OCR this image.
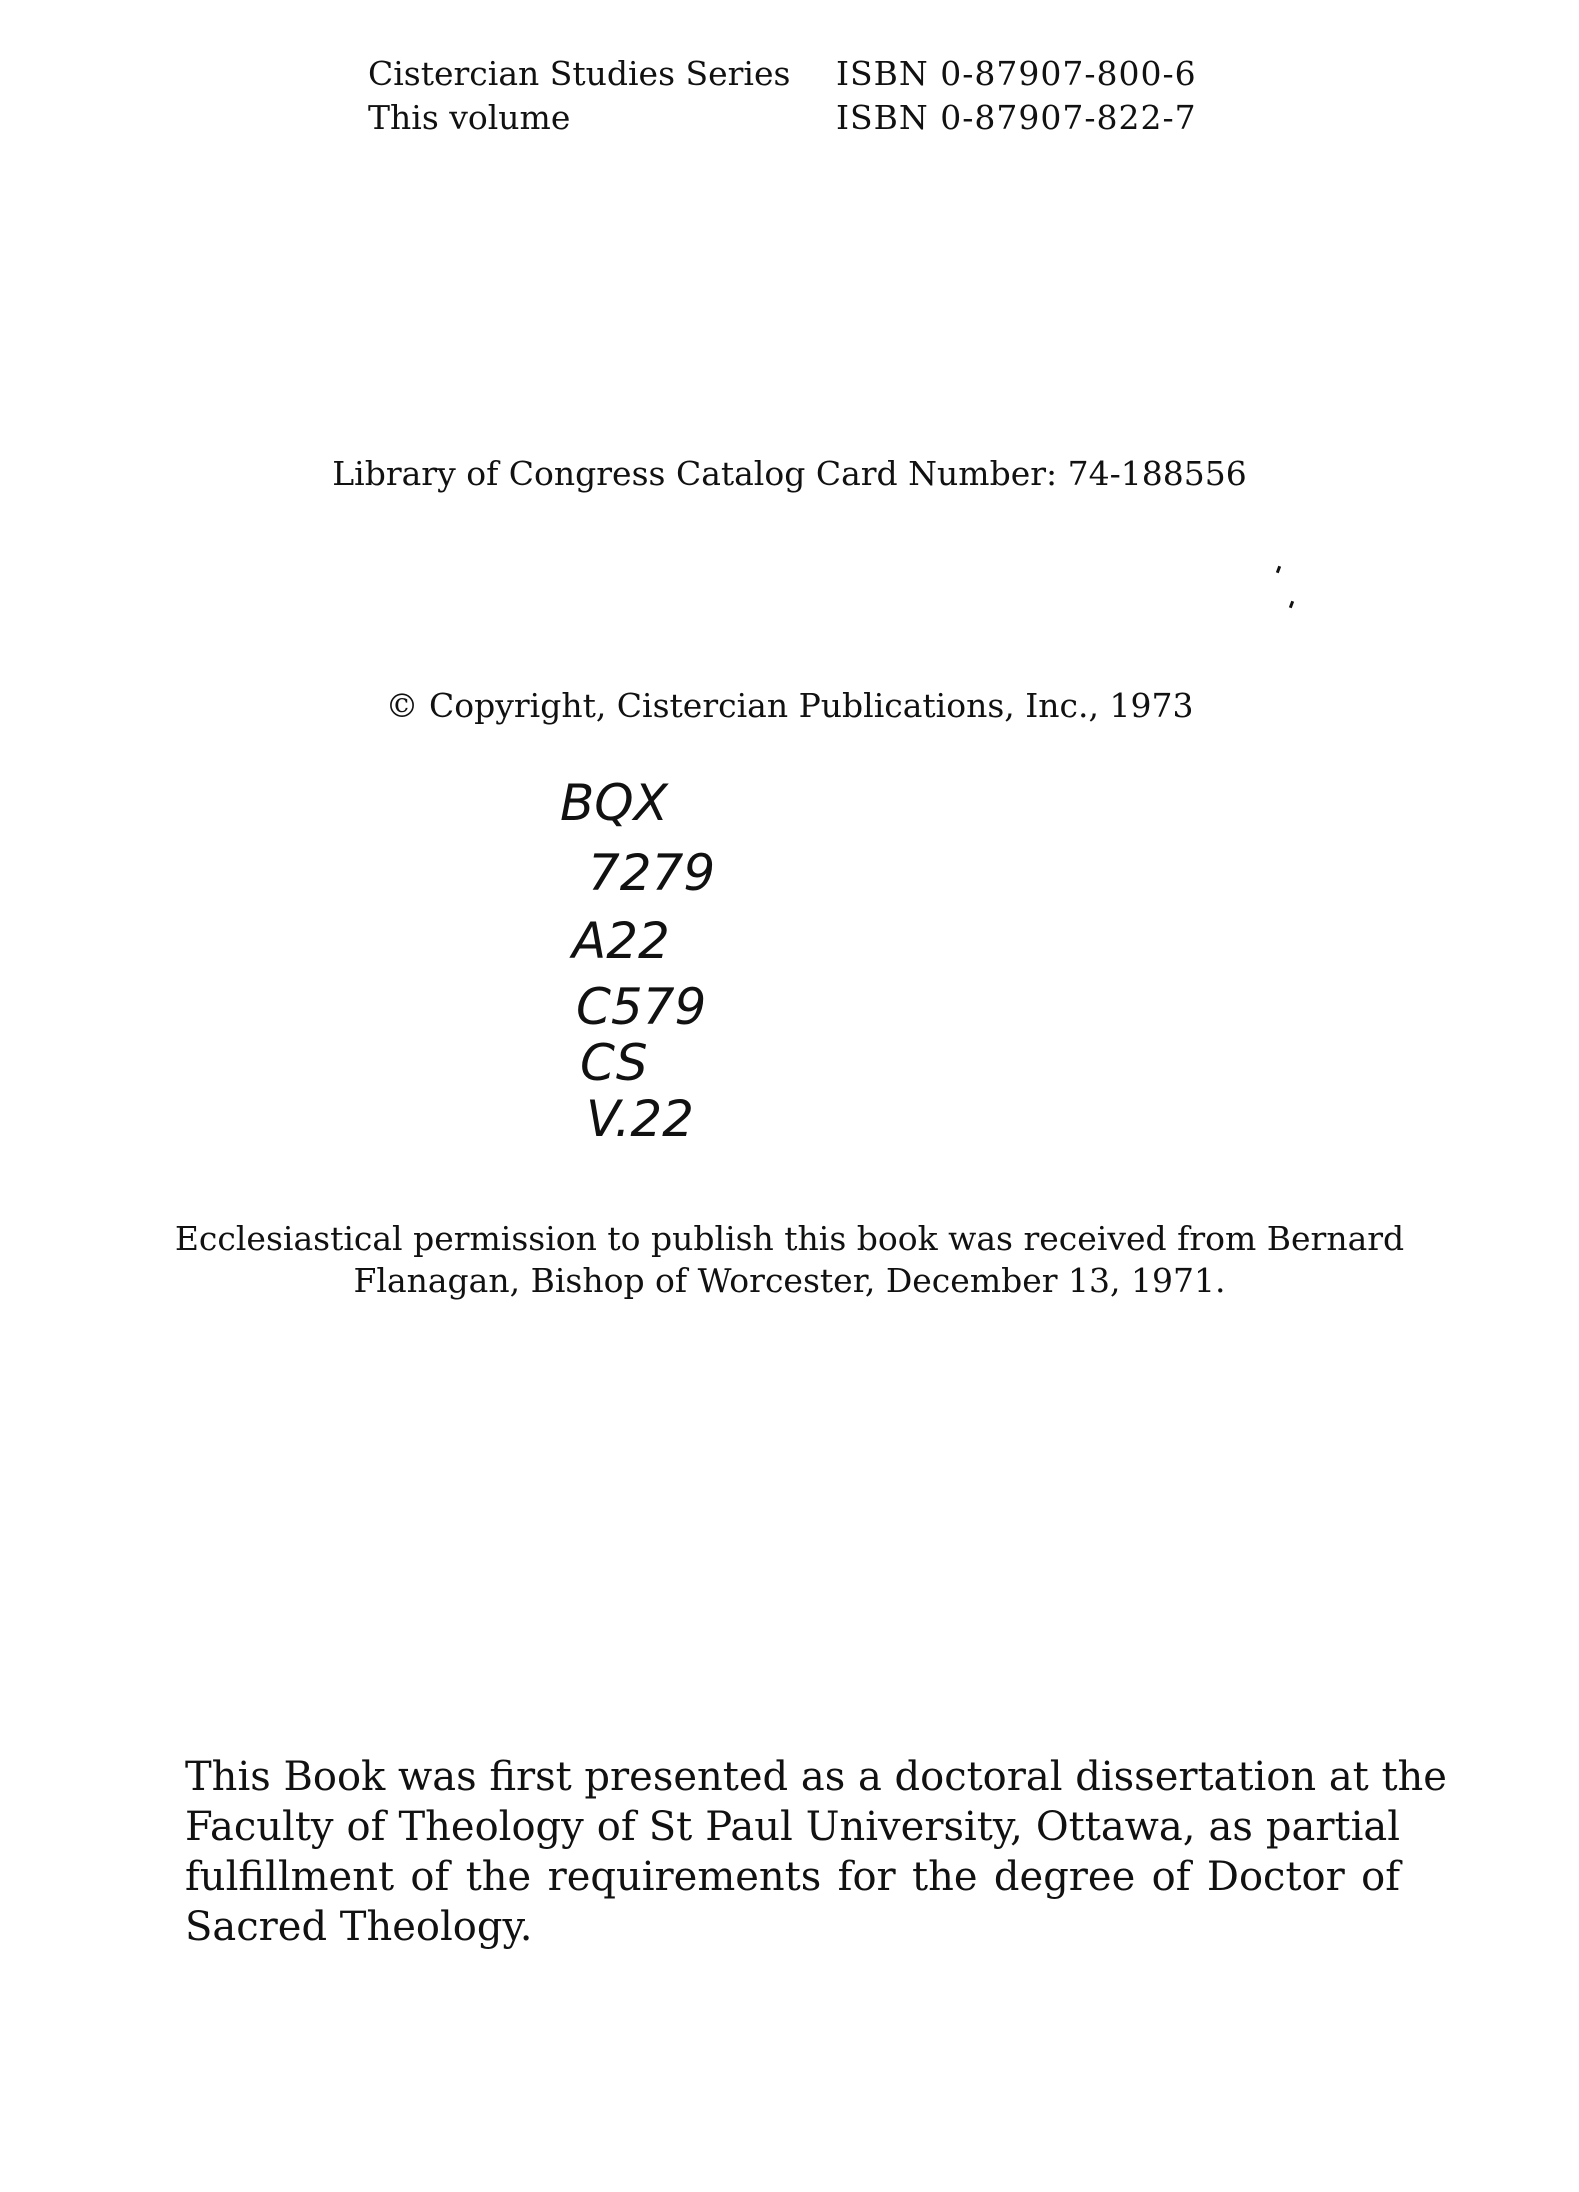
Cistercian Studies Series	ISBN 0-87907-800-6
This volume	ISBN 0-87907-822-7
Library of Congress Catalog Card Number: 74-188556
© Copyright, Cistercian Publications, Inc., 1973
BQX
7279
A22
C579
CS
V.22

Ecclesiastical permission to publish this book was received from Bernard

Flanagan, Bishop of Worcester, December 13, 1971.

This Book was first presented as a doctoral dissertation at the

Faculty of Theology of St Paul University, Ottawa, as partial

fulfillment of the requirements for the degree of Doctor of

Sacred Theology.
